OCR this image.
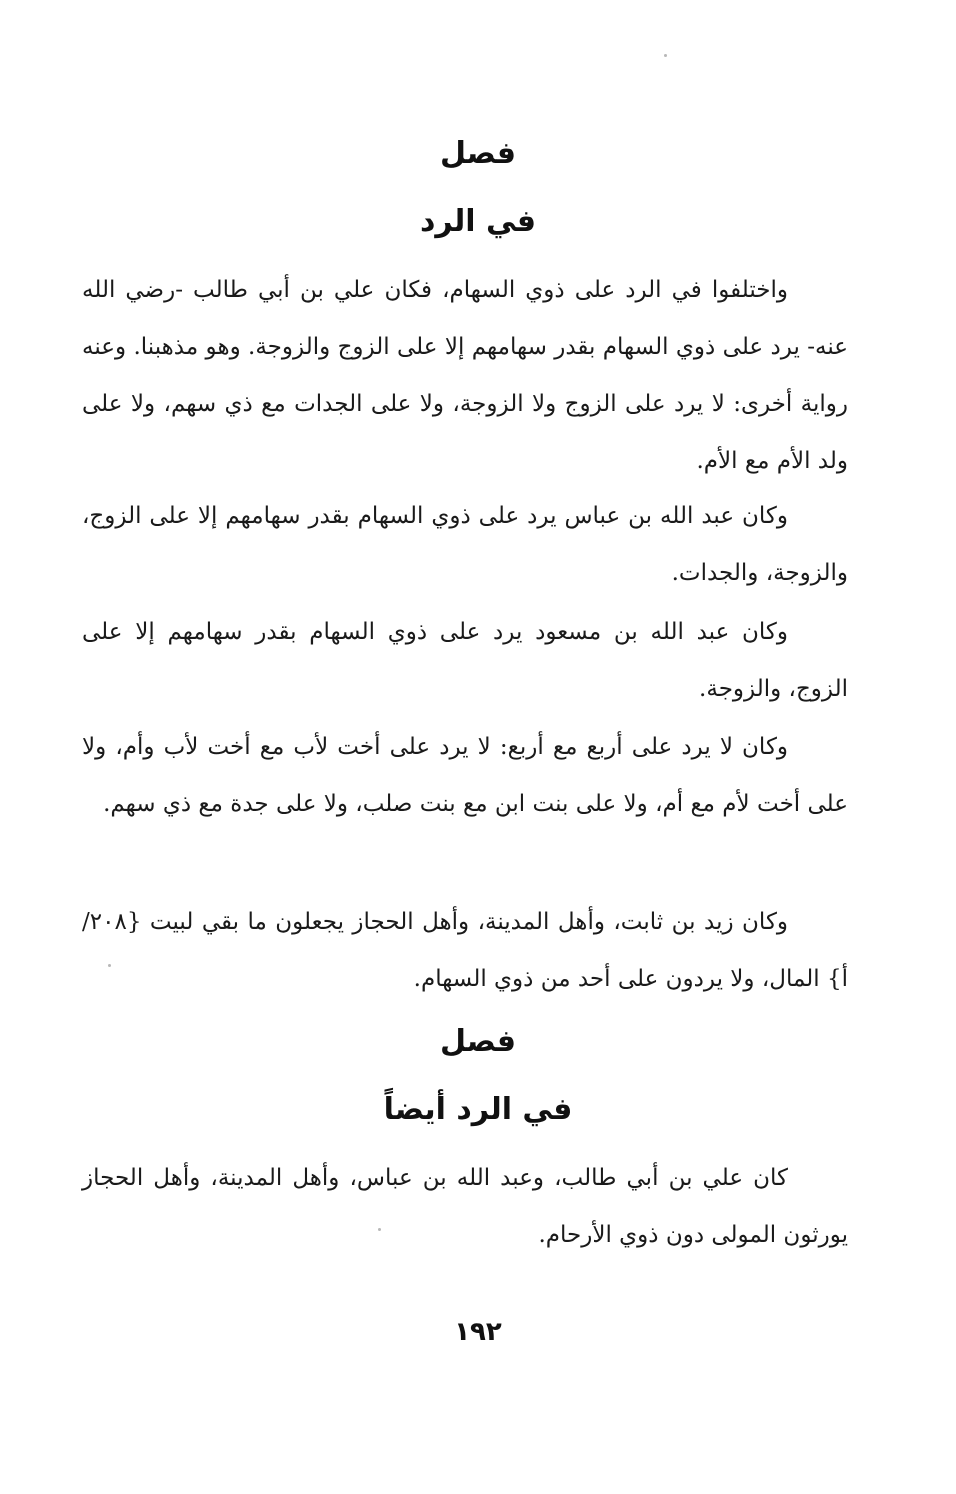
فصل
في الرد

واختلفوا في الرد على ذوي السهام، فكان علي بن أبي طالب -رضي الله عنه- يرد على ذوي السهام بقدر سهامهم إلا على الزوج والزوجة. وهو مذهبنا. وعنه رواية أخرى: لا يرد على الزوج ولا الزوجة، ولا على الجدات مع ذي سهم، ولا على ولد الأم مع الأم.

وكان عبد الله بن عباس يرد على ذوي السهام بقدر سهامهم إلا على الزوج، والزوجة، والجدات.

وكان عبد الله بن مسعود يرد على ذوي السهام بقدر سهامهم إلا على الزوج، والزوجة.

وكان لا يرد على أربع مع أربع: لا يرد على أخت لأب مع أخت لأب وأم، ولا على أخت لأم مع أم، ولا على بنت ابن مع بنت صلب، ولا على جدة مع ذي سهم.

وكان زيد بن ثابت، وأهل المدينة، وأهل الحجاز يجعلون ما بقي لبيت {٢٠٨/أ} المال، ولا يردون على أحد من ذوي السهام.

فصل
في الرد أيضاً

كان علي بن أبي طالب، وعبد الله بن عباس، وأهل المدينة، وأهل الحجاز يورثون المولى دون ذوي الأرحام.

١٩٢
